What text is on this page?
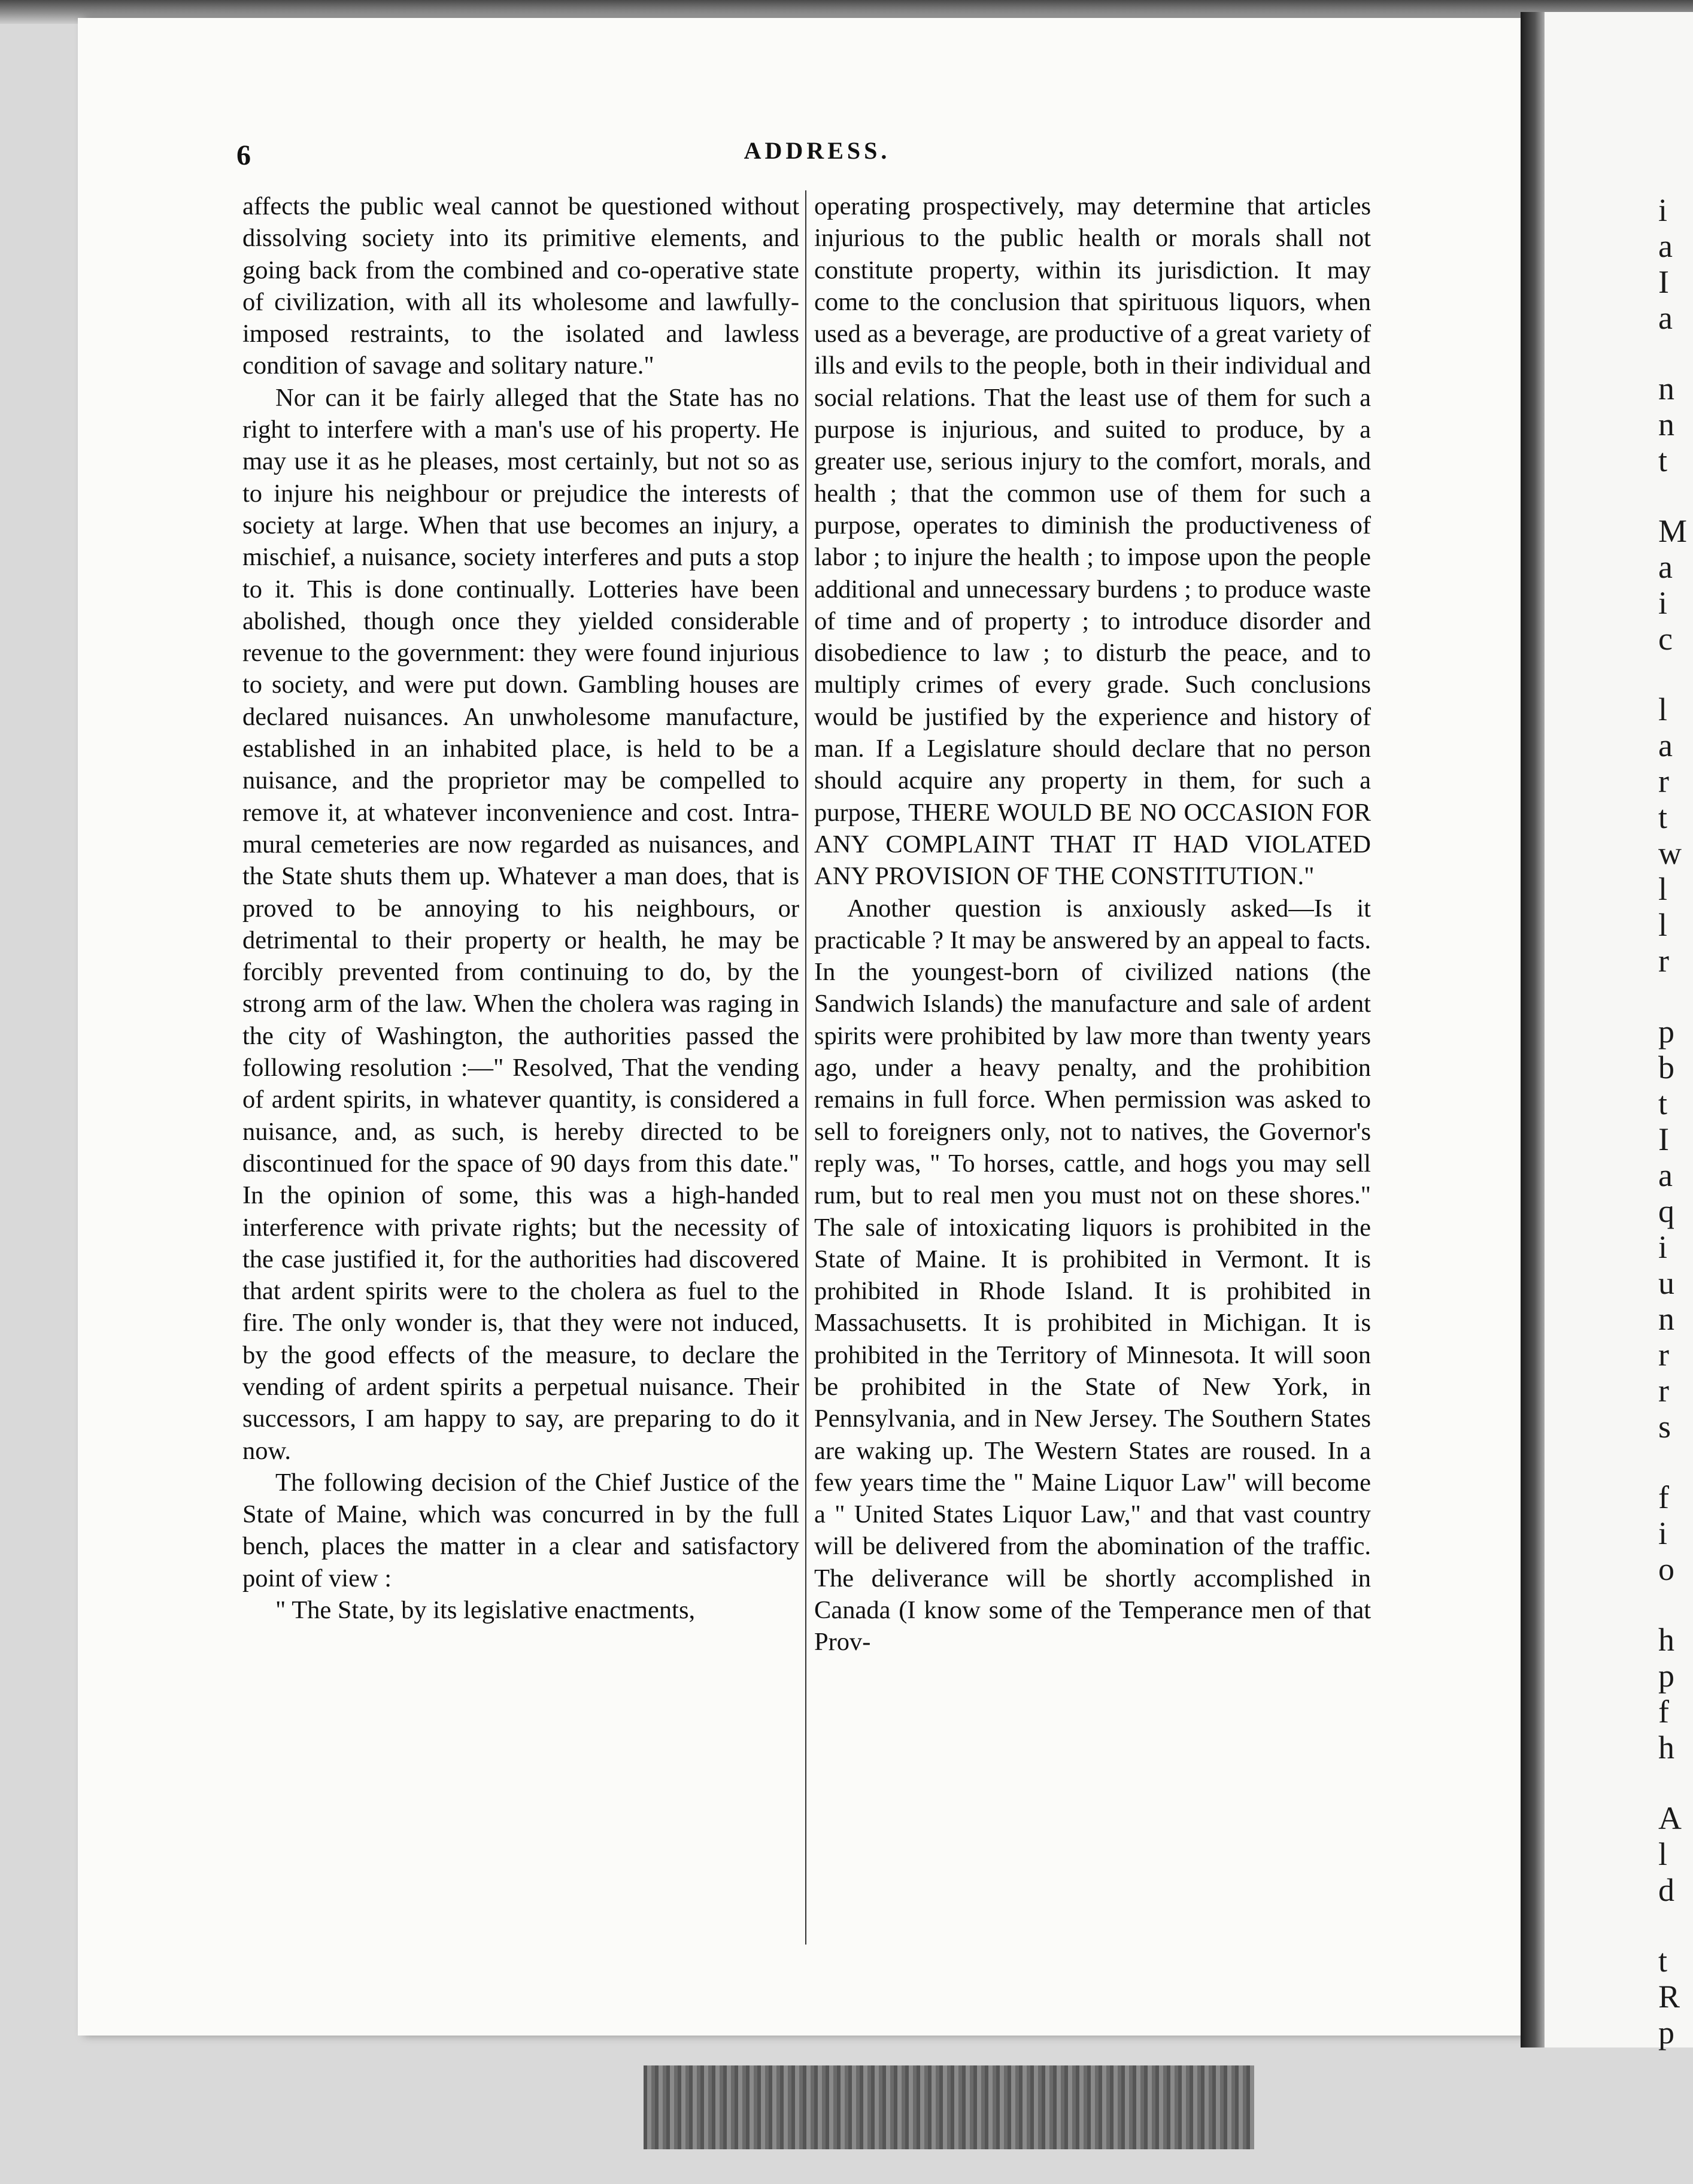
i
a
I
a
n
n
t
M
a
i
c
l
a
r
t
w
l
l
r
p
b
t
I
a
q
i
u
n
r
r
s
f
i
o
h
p
f
h
A
l
d
t
R
p
6	ADDRESS.

affects the public weal cannot be questioned without dissolving society into its primitive elements, and going back from the combined and co-operative state of civilization, with all its wholesome and lawfully-imposed restraints, to the isolated and lawless condition of savage and solitary nature."

Nor can it be fairly alleged that the State has no right to interfere with a man's use of his property. He may use it as he pleases, most certainly, but not so as to injure his neighbour or prejudice the interests of society at large. When that use becomes an injury, a mischief, a nuisance, society interferes and puts a stop to it. This is done continually. Lotteries have been abolished, though once they yielded considerable revenue to the government: they were found injurious to society, and were put down. Gambling houses are declared nuisances. An unwholesome manufacture, established in an inhabited place, is held to be a nuisance, and the proprietor may be compelled to remove it, at whatever inconvenience and cost. Intra-mural cemeteries are now regarded as nuisances, and the State shuts them up. Whatever a man does, that is proved to be annoying to his neighbours, or detrimental to their property or health, he may be forcibly prevented from continuing to do, by the strong arm of the law. When the cholera was raging in the city of Washington, the authorities passed the following resolution :—" Resolved, That the vending of ardent spirits, in whatever quantity, is considered a nuisance, and, as such, is hereby directed to be discontinued for the space of 90 days from this date." In the opinion of some, this was a high-handed interference with private rights; but the necessity of the case justified it, for the authorities had discovered that ardent spirits were to the cholera as fuel to the fire. The only wonder is, that they were not induced, by the good effects of the measure, to declare the vending of ardent spirits a perpetual nuisance. Their successors, I am happy to say, are preparing to do it now.

The following decision of the Chief Justice of the State of Maine, which was concurred in by the full bench, places the matter in a clear and satisfactory point of view :

" The State, by its legislative enactments,

operating prospectively, may determine that articles injurious to the public health or morals shall not constitute property, within its jurisdiction. It may come to the conclusion that spirituous liquors, when used as a beverage, are productive of a great variety of ills and evils to the people, both in their individual and social relations. That the least use of them for such a purpose is injurious, and suited to produce, by a greater use, serious injury to the comfort, morals, and health ; that the common use of them for such a purpose, operates to diminish the productiveness of labor ; to injure the health ; to impose upon the people additional and unnecessary burdens ; to produce waste of time and of property ; to introduce disorder and disobedience to law ; to disturb the peace, and to multiply crimes of every grade. Such conclusions would be justified by the experience and history of man. If a Legislature should declare that no person should acquire any property in them, for such a purpose, THERE WOULD BE NO OCCASION FOR ANY COMPLAINT THAT IT HAD VIOLATED ANY PROVISION OF THE CONSTITUTION."

Another question is anxiously asked—Is it practicable ? It may be answered by an appeal to facts. In the youngest-born of civilized nations (the Sandwich Islands) the manufacture and sale of ardent spirits were prohibited by law more than twenty years ago, under a heavy penalty, and the prohibition remains in full force. When permission was asked to sell to foreigners only, not to natives, the Governor's reply was, " To horses, cattle, and hogs you may sell rum, but to real men you must not on these shores." The sale of intoxicating liquors is prohibited in the State of Maine. It is prohibited in Vermont. It is prohibited in Rhode Island. It is prohibited in Massachusetts. It is prohibited in Michigan. It is prohibited in the Territory of Minnesota. It will soon be prohibited in the State of New York, in Pennsylvania, and in New Jersey. The Southern States are waking up. The Western States are roused. In a few years time the " Maine Liquor Law" will become a " United States Liquor Law," and that vast country will be delivered from the abomination of the traffic. The deliverance will be shortly accomplished in Canada (I know some of the Temperance men of that Prov-
